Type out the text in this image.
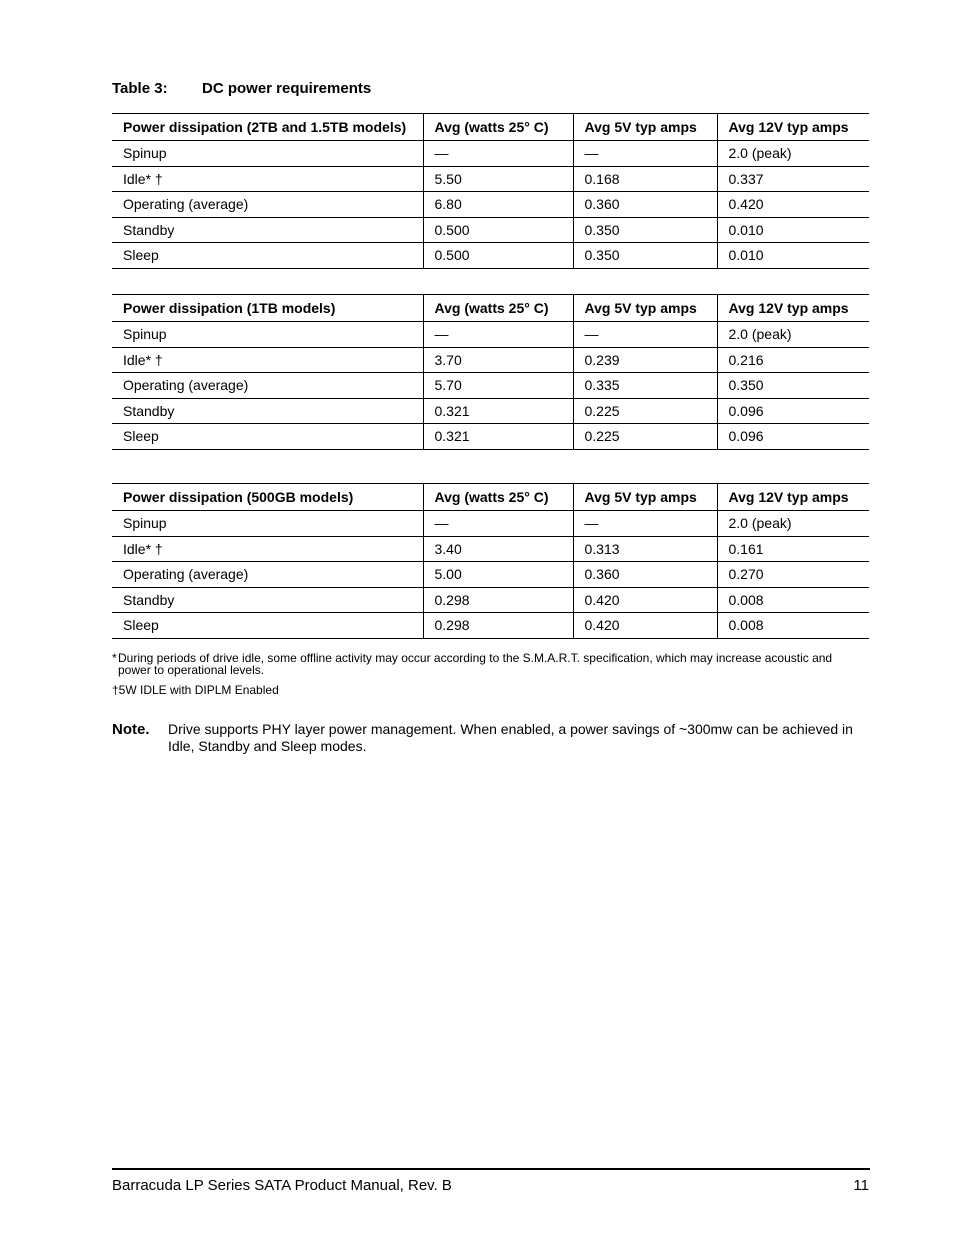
Table 3: DC power requirements
Power dissipation (2TB and 1.5TB models)	Avg (watts 25° C)	Avg 5V typ amps	Avg 12V typ amps
Spinup	—	—	2.0 (peak)
Idle* †	5.50	0.168	0.337
Operating (average)	6.80	0.360	0.420
Standby	0.500	0.350	0.010
Sleep	0.500	0.350	0.010
Power dissipation (1TB models)	Avg (watts 25° C)	Avg 5V typ amps	Avg 12V typ amps
Spinup	—	—	2.0 (peak)
Idle* †	3.70	0.239	0.216
Operating (average)	5.70	0.335	0.350
Standby	0.321	0.225	0.096
Sleep	0.321	0.225	0.096
Power dissipation (500GB models)	Avg (watts 25° C)	Avg 5V typ amps	Avg 12V typ amps
Spinup	—	—	2.0 (peak)
Idle* †	3.40	0.313	0.161
Operating (average)	5.00	0.360	0.270
Standby	0.298	0.420	0.008
Sleep	0.298	0.420	0.008
* During periods of drive idle, some offline activity may occur according to the S.M.A.R.T. specification, which may increase acoustic and
power to operational levels.
†5W IDLE with DIPLM Enabled
Note. Drive supports PHY layer power management. When enabled, a power savings of ~300mw can be achieved in Idle, Standby and Sleep modes.
Barracuda LP Series SATA Product Manual, Rev. B	11
